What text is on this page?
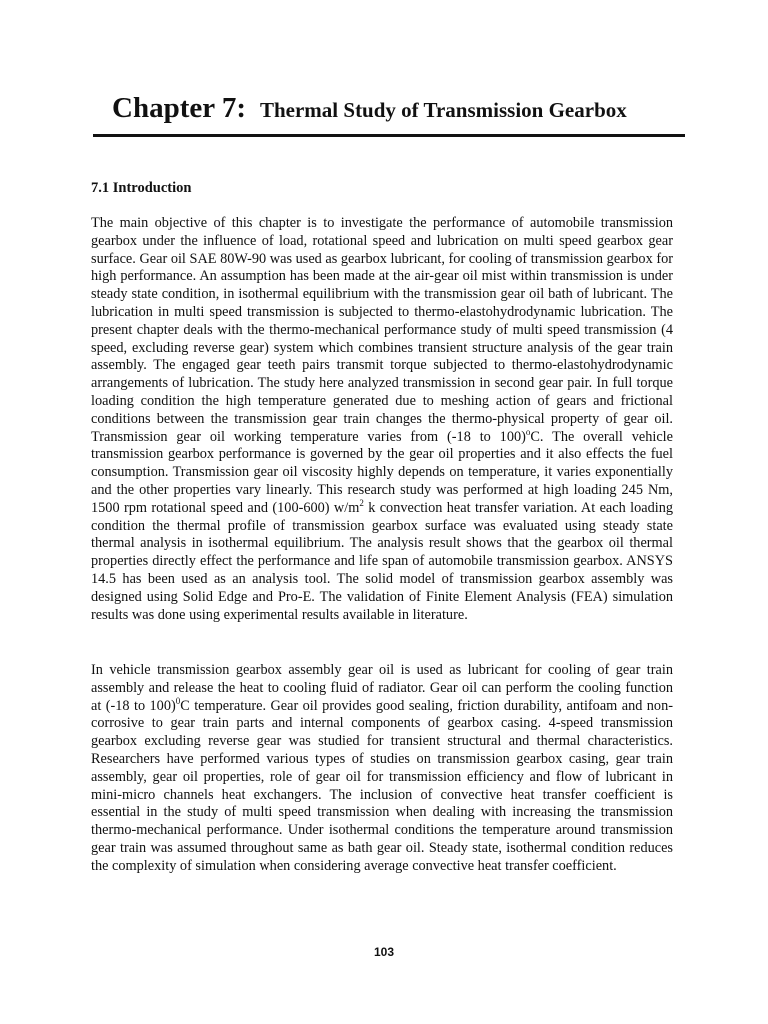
Chapter 7: Thermal Study of Transmission Gearbox
7.1 Introduction

The main objective of this chapter is to investigate the performance of automobile transmission gearbox under the influence of load, rotational speed and lubrication on multi speed gearbox gear surface. Gear oil SAE 80W-90 was used as gearbox lubricant, for cooling of transmission gearbox for high performance. An assumption has been made at the air-gear oil mist within transmission is under steady state condition, in isothermal equilibrium with the transmission gear oil bath of lubricant. The lubrication in multi speed transmission is subjected to thermo-elastohydrodynamic lubrication. The present chapter deals with the thermo-mechanical performance study of multi speed transmission (4 speed, excluding reverse gear) system which combines transient structure analysis of the gear train assembly. The engaged gear teeth pairs transmit torque subjected to thermo-elastohydrodynamic arrangements of lubrication. The study here analyzed transmission in second gear pair. In full torque loading condition the high temperature generated due to meshing action of gears and frictional conditions between the transmission gear train changes the thermo-physical property of gear oil. Transmission gear oil working temperature varies from (-18 to 100)$^o$C. The overall vehicle transmission gearbox performance is governed by the gear oil properties and it also effects the fuel consumption. Transmission gear oil viscosity highly depends on temperature, it varies exponentially and the other properties vary linearly. This research study was performed at high loading 245 Nm, 1500 rpm rotational speed and (100-600) $w/m^2$ k convection heat transfer variation. At each loading condition the thermal profile of transmission gearbox surface was evaluated using steady state thermal analysis in isothermal equilibrium. The analysis result shows that the gearbox oil thermal properties directly effect the performance and life span of automobile transmission gearbox. ANSYS 14.5 has been used as an analysis tool. The solid model of transmission gearbox assembly was designed using Solid Edge and Pro-E. The validation of Finite Element Analysis (FEA) simulation results was done using experimental results available in literature.

In vehicle transmission gearbox assembly gear oil is used as lubricant for cooling of gear train assembly and release the heat to cooling fluid of radiator. Gear oil can perform the cooling function at (-18 to 100)$^0$C temperature. Gear oil provides good sealing, friction durability, antifoam and non-corrosive to gear train parts and internal components of gearbox casing. 4-speed transmission gearbox excluding reverse gear was studied for transient structural and thermal characteristics. Researchers have performed various types of studies on transmission gearbox casing, gear train assembly, gear oil properties, role of gear oil for transmission efficiency and flow of lubricant in mini-micro channels heat exchangers. The inclusion of convective heat transfer coefficient is essential in the study of multi speed transmission when dealing with increasing the transmission thermo-mechanical performance. Under isothermal conditions the temperature around transmission gear train was assumed throughout same as bath gear oil. Steady state, isothermal condition reduces the complexity of simulation when considering average convective heat transfer coefficient.

103
